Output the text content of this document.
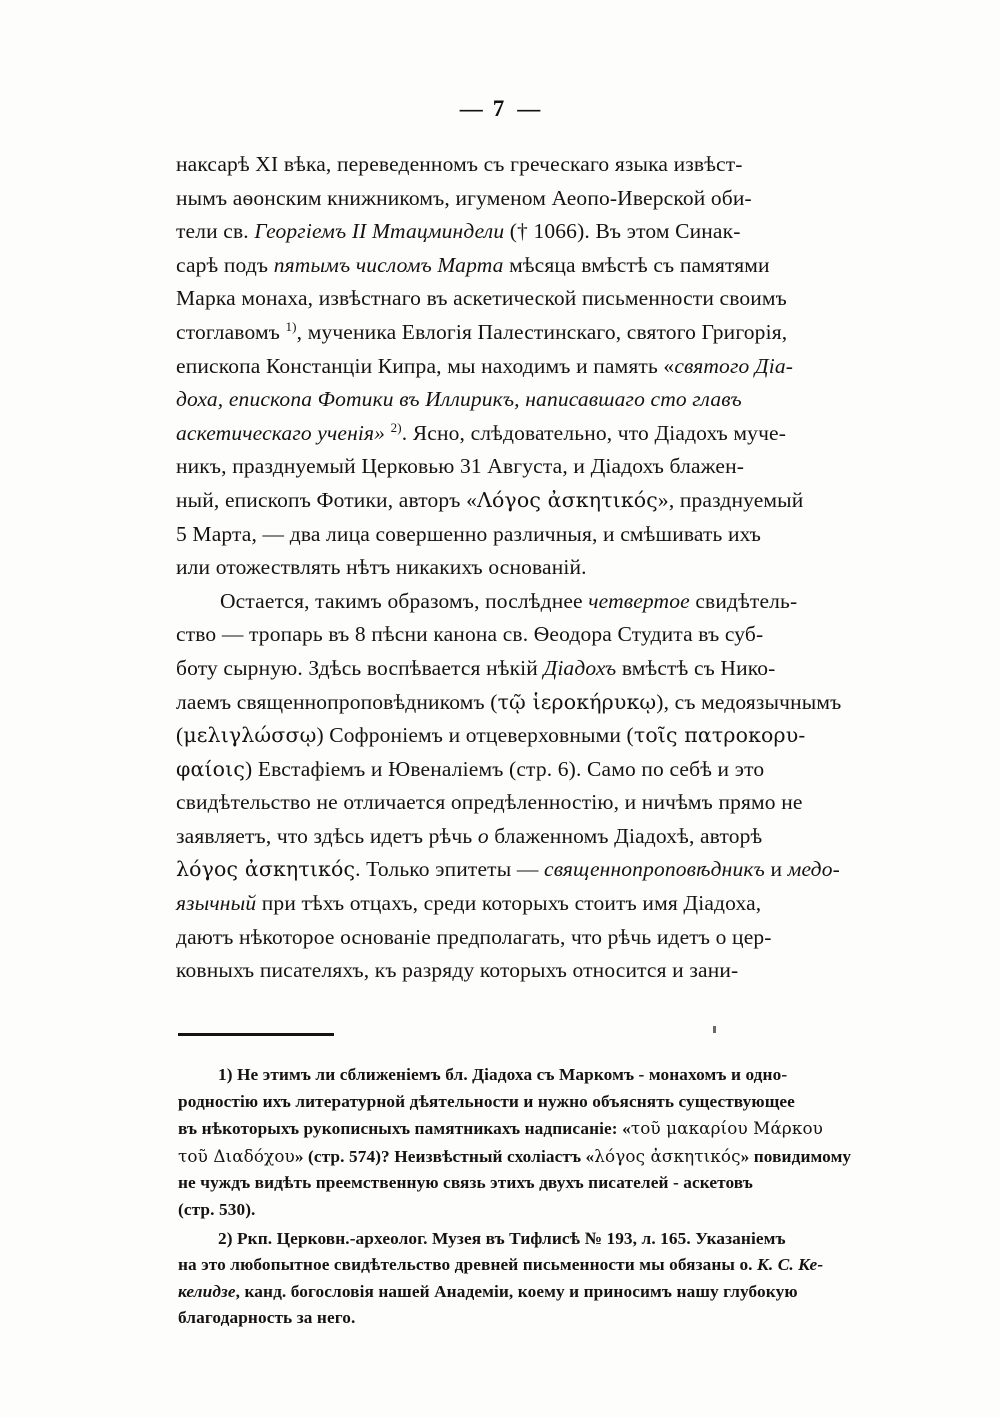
— 7 —
наксарѣ XI вѣка, переведенномъ съ греческаго языка извѣст-
нымъ аѳонским книжникомъ, игуменом Аеопо-Иверской оби-
тели св. Георгіемъ II Мтацминдели († 1066). Въ этом Синак-
сарѣ подъ пятымъ числомъ Марта мѣсяца вмѣстѣ съ памятями
Марка монаха, извѣстнаго въ аскетической письменности своимъ
стоглавомъ $^{1)}$, мученика Евлогія Палестинскаго, святого Григорія,
епископа Констанціи Кипра, мы находимъ и память «святого Діа-
доха, епископа Фотики въ Иллирикъ, написавшаго сто главъ
аскетическаго ученія» $^{2)}$. Ясно, слѣдовательно, что Діадохъ муче-
никъ, празднуемый Церковью 31 Августа, и Діадохъ блажен-
ный, епископъ Фотики, авторъ «Λόγος ἀσκητικός», празднуемый
5 Марта, — два лица совершенно различныя, и смѣшивать ихъ
или отожествлять нѣтъ никакихъ основаній.
Остается, такимъ образомъ, послѣднее четвертое свидѣтель-
ство — тропарь въ 8 пѣсни канона св. Ѳеодора Студита въ суб-
боту сырную. Здѣсь воспѣвается нѣкій Діадохъ вмѣстѣ съ Нико-
лаемъ священнопроповѣдникомъ (τῷ ἱεροκήρυκῳ), съ медоязычнымъ
(μελιγλώσσῳ) Софроніемъ и отцеверховными (τοῖς πατροκορυ-
φαίοις) Евстафіемъ и Ювеналіемъ (стр. 6). Само по себѣ и это
свидѣтельство не отличается опредѣленностію, и ничѣмъ прямо не
заявляетъ, что здѣсь идетъ рѣчь о блаженномъ Діадохѣ, авторѣ
λόγος ἀσκητικός. Только эпитеты — священнопроповѣдникъ и медо-
язычный при тѣхъ отцахъ, среди которыхъ стоитъ имя Діадоха,
даютъ нѣкоторое основаніе предполагать, что рѣчь идетъ о цер-
ковныхъ писателяхъ, къ разряду которыхъ относится и зани-
1) Не этимъ ли сближеніемъ бл. Діадоха съ Маркомъ - монахомъ и одно-
родностію ихъ литературной дѣятельности и нужно объяснять существующее
въ нѣкоторыхъ рукописныхъ памятникахъ надписаніе: «τοῦ μακαρίου Μάρκου
τοῦ Διαδόχου» (стр. 574)? Неизвѣстный схоліастъ «λόγος ἀσκητικός» повидимому
не чуждъ видѣть преемственную связь этихъ двухъ писателей - аскетовъ
(стр. 530).
2) Ркп. Церковн.-археолог. Музея въ Тифлисѣ № 193, л. 165. Указаніемъ
на это любопытное свидѣтельство древней письменности мы обязаны о. К. С. Ке-
келидзе, канд. богословія нашей Анадеміи, коему и приносимъ нашу глубокую
благодарность за него.
